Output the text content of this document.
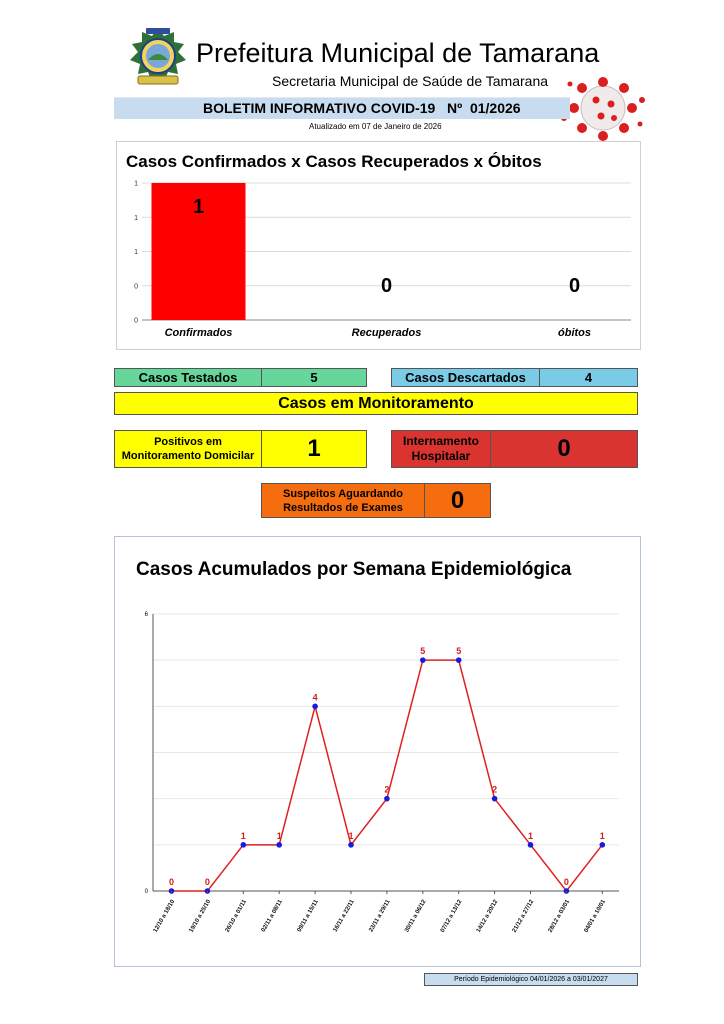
Prefeitura Municipal de Tamarana
Secretaria Municipal de Saúde de Tamarana
BOLETIM INFORMATIVO COVID-19   Nº  01/2026
Atualizado em 07 de Janeiro de 2026
1
1
1
0
0
1
Confirmados
0
Recuperados
0
óbitos
Casos Confirmados x Casos Recuperados x Óbitos
Casos Testados	5	Casos Descartados	4
Casos em Monitoramento
Positivos em Monitoramento Domicilar	1	Internamento Hospitalar	0
Suspeitos Aguardando Resultados de Exames	0
6
0
0
12/10 a 18/10
0
19/10 a 25/10
1
26/10 a 01/11
1
02/11 a 08/11
4
09/11 a 15/11
1
16/11 a 22/11
2
23/11 a 29/11
5
30/11 a 06/12
5
07/12 a 13/12
2
14/12 a 20/12
1
21/12 a 27/12
0
28/12 a 03/01
1
04/01 a 10/01
Casos Acumulados por Semana Epidemiológica
Período Epidemiológico 04/01/2026 a 03/01/2027
